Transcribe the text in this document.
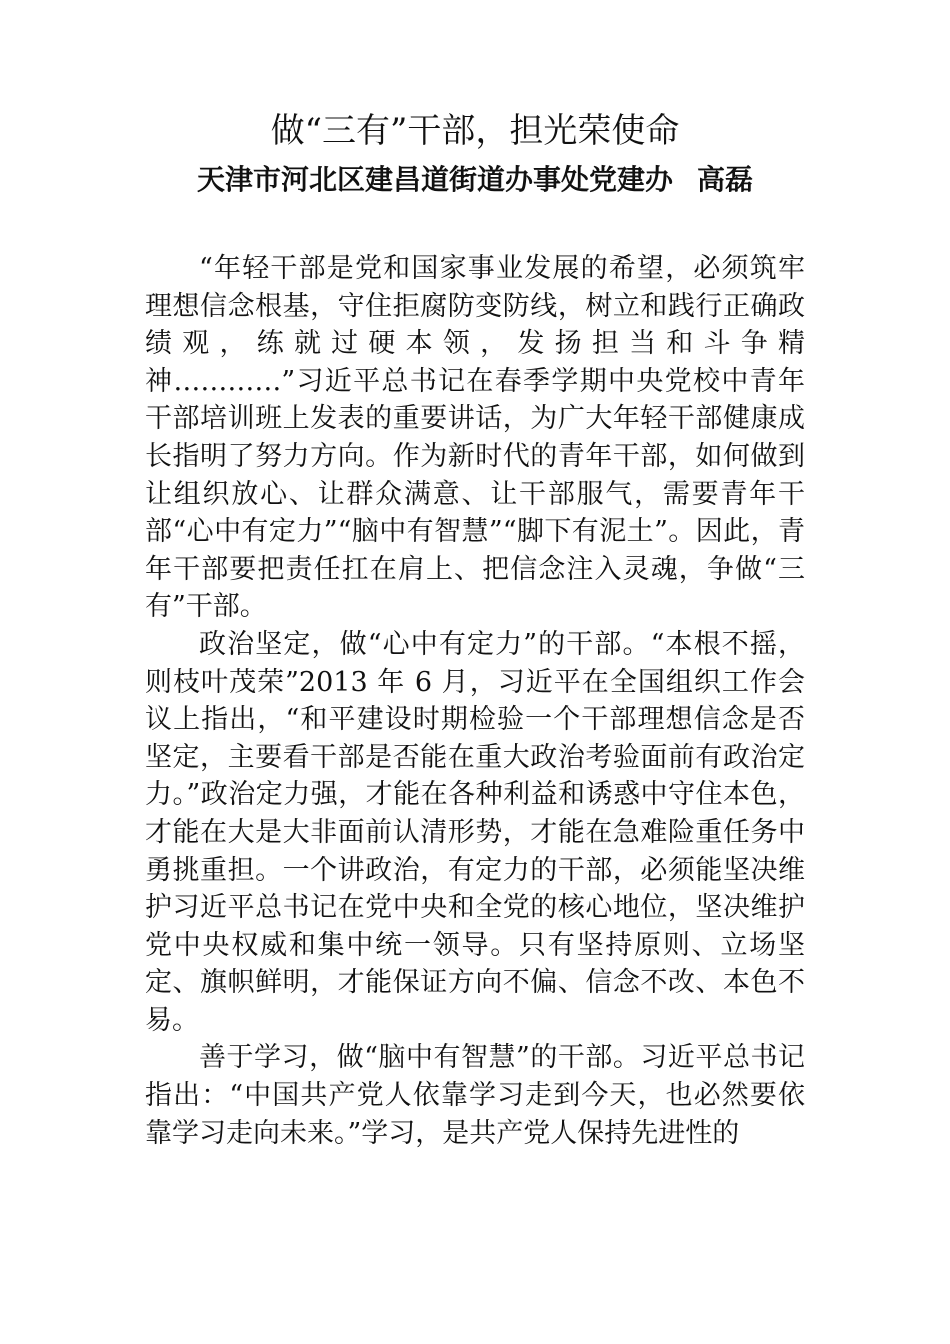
做“三有”干部，担光荣使命
天津市河北区建昌道街道办事处党建办 高磊

“年轻干部是党和国家事业发展的希望，必须筑牢理想信念根基，守住拒腐防变防线，树立和践行正确政绩观，练就过硬本领，发扬担当和斗争精神…………”习近平总书记在春季学期中央党校中青年干部培训班上发表的重要讲话，为广大年轻干部健康成长指明了努力方向。作为新时代的青年干部，如何做到让组织放心、让群众满意、让干部服气，需要青年干部“心中有定力”“脑中有智慧”“脚下有泥土”。因此，青年干部要把责任扛在肩上、把信念注入灵魂，争做“三有”干部。

政治坚定，做“心中有定力”的干部。“本根不摇，则枝叶茂荣”2013 年 6 月，习近平在全国组织工作会议上指出，“和平建设时期检验一个干部理想信念是否坚定，主要看干部是否能在重大政治考验面前有政治定力。”政治定力强，才能在各种利益和诱惑中守住本色，才能在大是大非面前认清形势，才能在急难险重任务中勇挑重担。一个讲政治，有定力的干部，必须能坚决维护习近平总书记在党中央和全党的核心地位，坚决维护党中央权威和集中统一领导。只有坚持原则、立场坚定、旗帜鲜明，才能保证方向不偏、信念不改、本色不易。

善于学习，做“脑中有智慧”的干部。习近平总书记指出：“中国共产党人依靠学习走到今天，也必然要依靠学习走向未来。”学习，是共产党人保持先进性的
